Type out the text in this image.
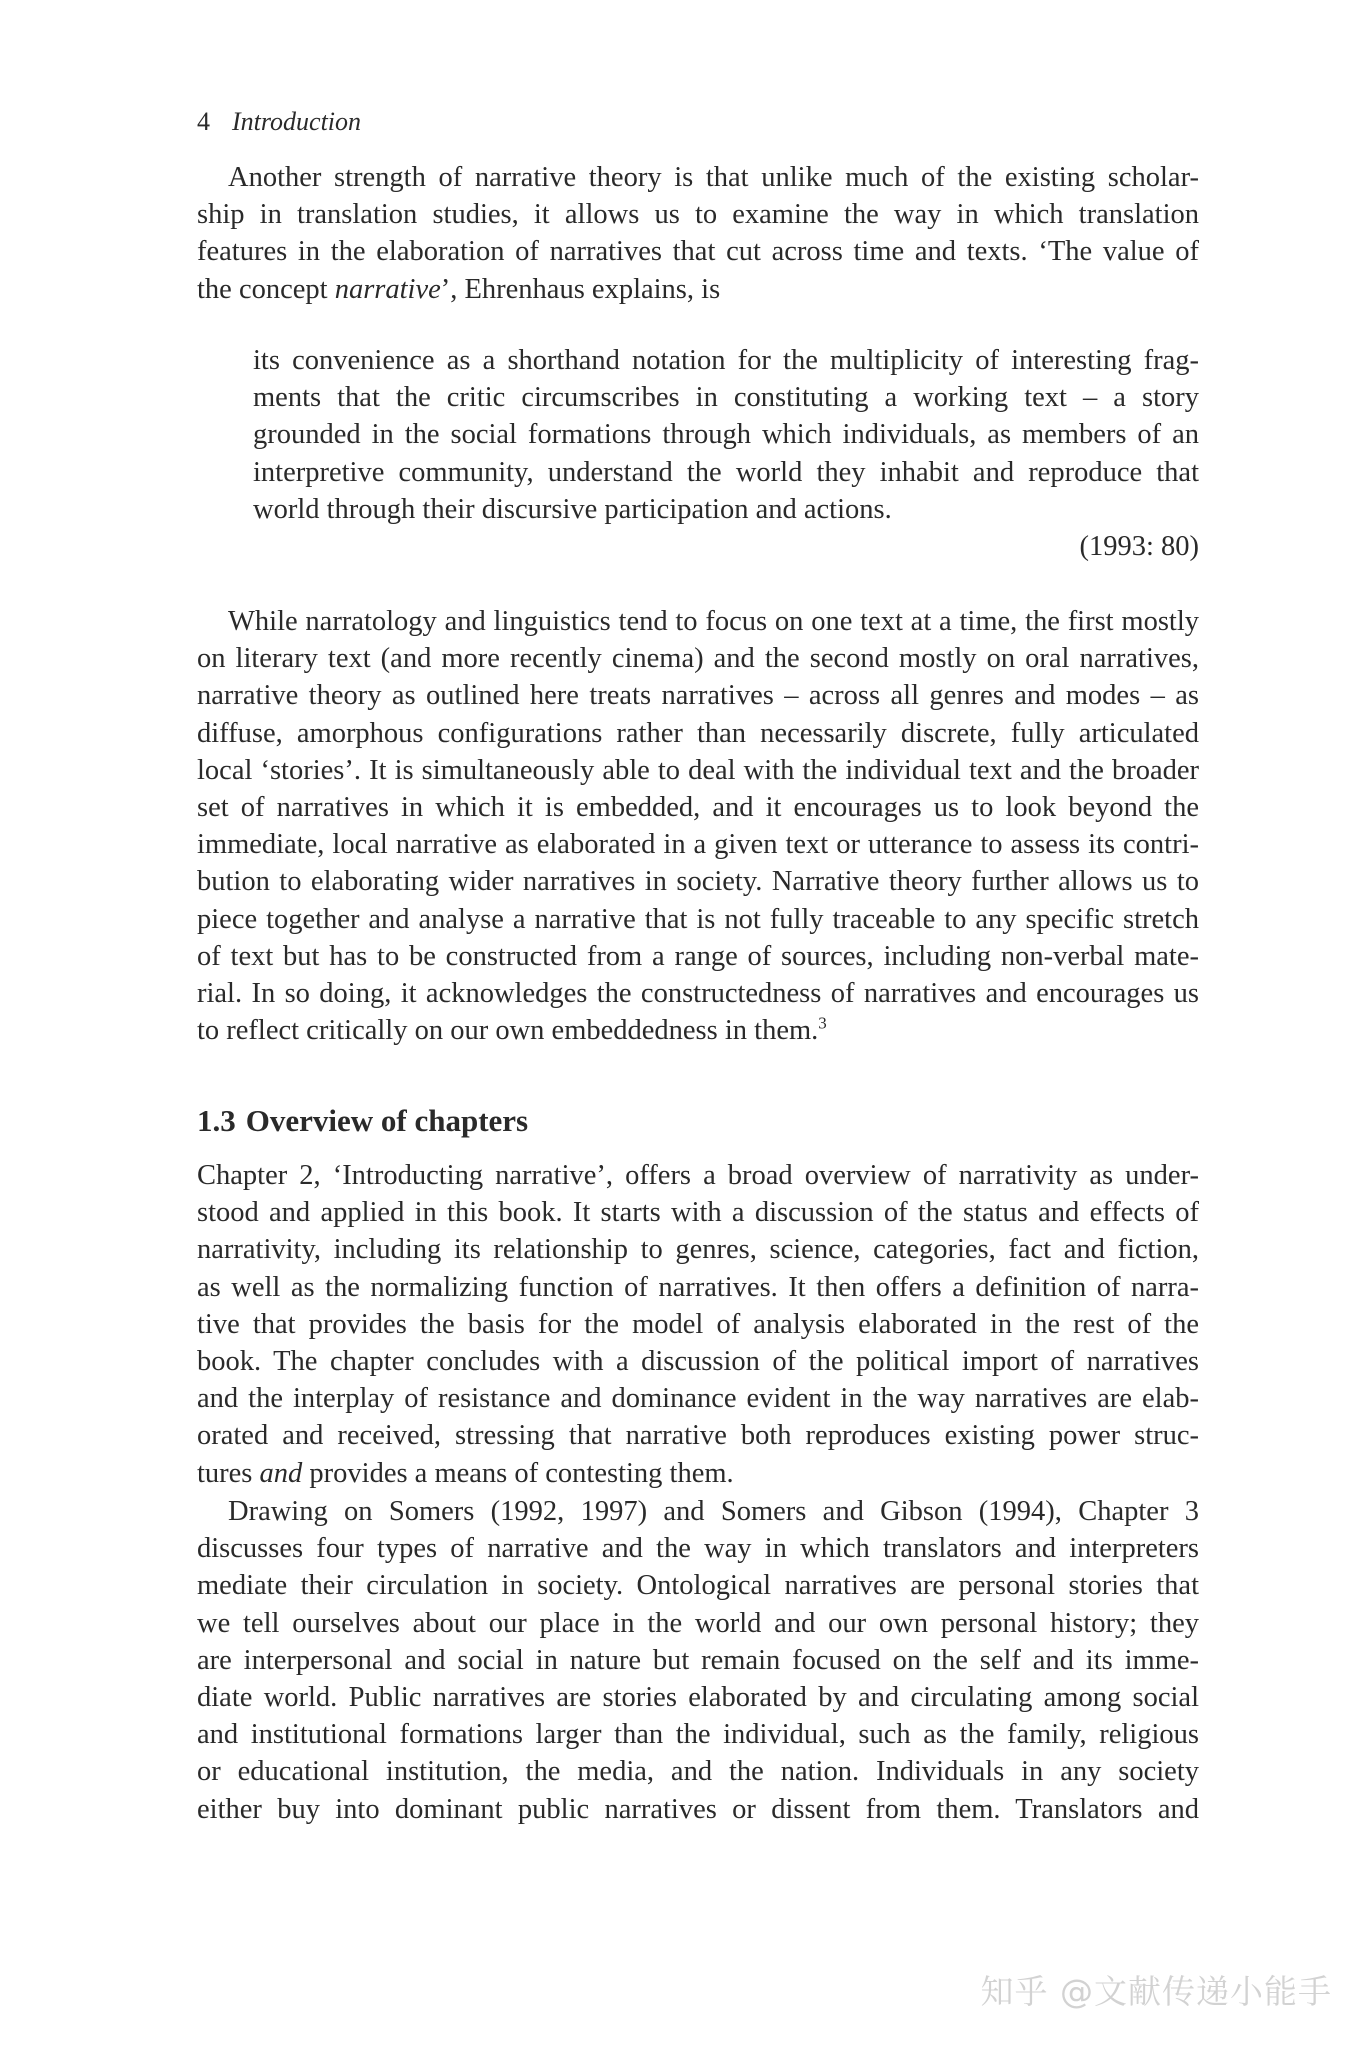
4 Introduction
Another strength of narrative theory is that unlike much of the existing scholar-
ship in translation studies, it allows us to examine the way in which translation
features in the elaboration of narratives that cut across time and texts. ‘The value of
the concept narrative’, Ehrenhaus explains, is
its convenience as a shorthand notation for the multiplicity of interesting frag-
ments that the critic circumscribes in constituting a working text – a story
grounded in the social formations through which individuals, as members of an
interpretive community, understand the world they inhabit and reproduce that
world through their discursive participation and actions.
(1993: 80)
While narratology and linguistics tend to focus on one text at a time, the first mostly
on literary text (and more recently cinema) and the second mostly on oral narratives,
narrative theory as outlined here treats narratives – across all genres and modes – as
diffuse, amorphous configurations rather than necessarily discrete, fully articulated
local ‘stories’. It is simultaneously able to deal with the individual text and the broader
set of narratives in which it is embedded, and it encourages us to look beyond the
immediate, local narrative as elaborated in a given text or utterance to assess its contri-
bution to elaborating wider narratives in society. Narrative theory further allows us to
piece together and analyse a narrative that is not fully traceable to any specific stretch
of text but has to be constructed from a range of sources, including non-verbal mate-
rial. In so doing, it acknowledges the constructedness of narratives and encourages us
to reflect critically on our own embeddedness in them.$^3$
1.3 Overview of chapters
Chapter 2, ‘Introducting narrative’, offers a broad overview of narrativity as under-
stood and applied in this book. It starts with a discussion of the status and effects of
narrativity, including its relationship to genres, science, categories, fact and fiction,
as well as the normalizing function of narratives. It then offers a definition of narra-
tive that provides the basis for the model of analysis elaborated in the rest of the
book. The chapter concludes with a discussion of the political import of narratives
and the interplay of resistance and dominance evident in the way narratives are elab-
orated and received, stressing that narrative both reproduces existing power struc-
tures and provides a means of contesting them.
Drawing on Somers (1992, 1997) and Somers and Gibson (1994), Chapter 3
discusses four types of narrative and the way in which translators and interpreters
mediate their circulation in society. Ontological narratives are personal stories that
we tell ourselves about our place in the world and our own personal history; they
are interpersonal and social in nature but remain focused on the self and its imme-
diate world. Public narratives are stories elaborated by and circulating among social
and institutional formations larger than the individual, such as the family, religious
or educational institution, the media, and the nation. Individuals in any society
either buy into dominant public narratives or dissent from them. Translators and
知乎 @文献传递小能手
